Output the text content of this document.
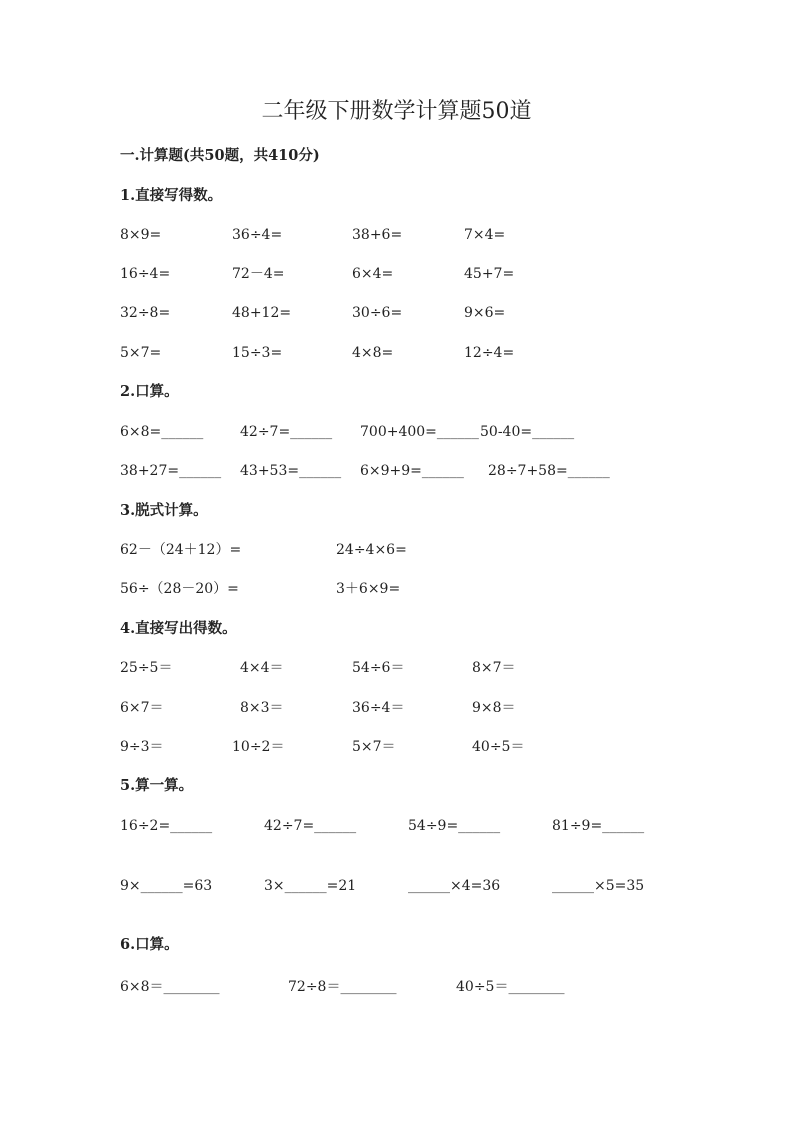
二年级下册数学计算题50道
一.计算题(共50题，共410分)
1.直接写得数。
8×9=	36÷4=	38+6=	7×4=
16÷4=	72－4=	6×4=	45+7=
32÷8=	48+12=	30÷6=	9×6=
5×7=	15÷3=	4×8=	12÷4=
2.口算。
6×8=______	42÷7=______ 700+400=______ 50-40=______
38+27=______ 43+53=______ 6×9+9=______ 28÷7+58=______
3.脱式计算。
62－（24＋12）=	24÷4×6=
56÷（28－20）=	3＋6×9=
4.直接写出得数。
25÷5＝	4×4＝	54÷6＝	8×7＝
6×7＝	8×3＝	36÷4＝	9×8＝
9÷3＝	10÷2＝	5×7＝	40÷5＝
5.算一算。
16÷2=______	42÷7=______	54÷9=______	81÷9=______
9×______=63	3×______=21	______×4=36	______×5=35
6.口算。
6×8＝________	72÷8＝________	40÷5＝________
